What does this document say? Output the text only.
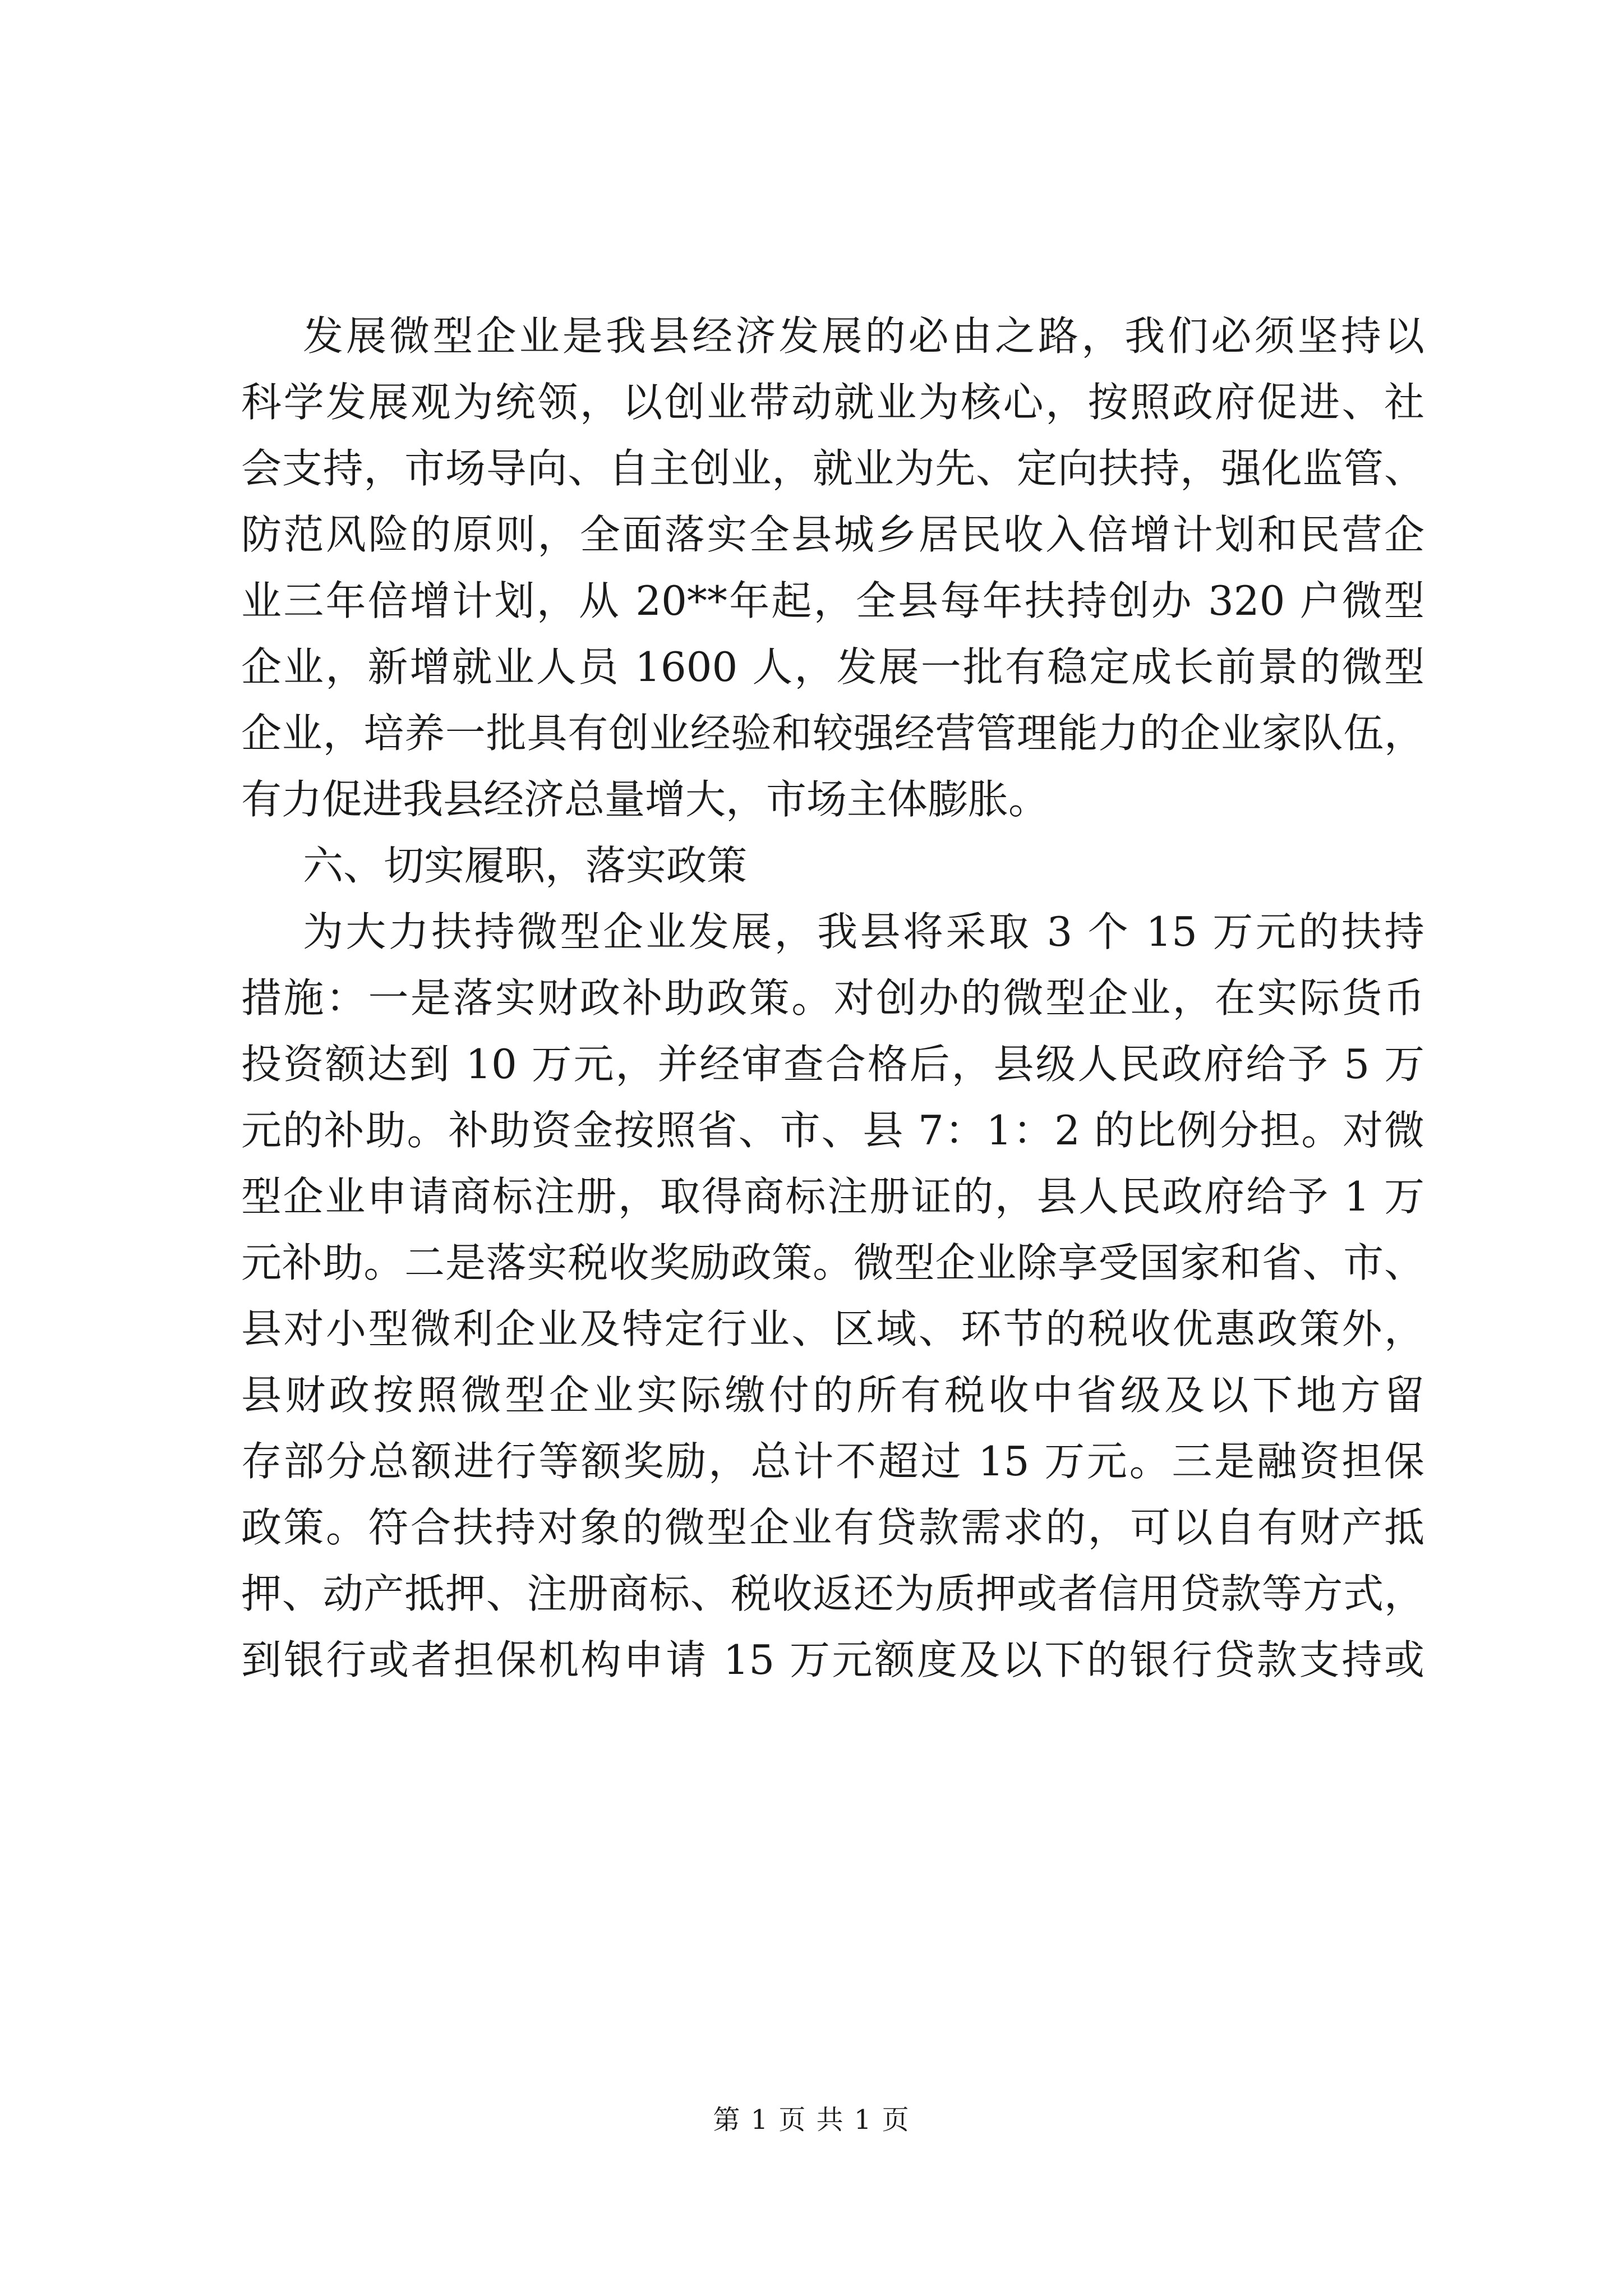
发展微型企业是我县经济发展的必由之路，我们必须坚持以
科学发展观为统领，以创业带动就业为核心，按照政府促进、社
会支持，市场导向、自主创业，就业为先、定向扶持，强化监管、
防范风险的原则，全面落实全县城乡居民收入倍增计划和民营企
业三年倍增计划，从 20**年起，全县每年扶持创办 320 户微型
企业，新增就业人员 1600 人，发展一批有稳定成长前景的微型
企业，培养一批具有创业经验和较强经营管理能力的企业家队伍，
有力促进我县经济总量增大，市场主体膨胀。
六、切实履职，落实政策
为大力扶持微型企业发展，我县将采取 3 个 15 万元的扶持
措施：一是落实财政补助政策。对创办的微型企业，在实际货币
投资额达到 10 万元，并经审查合格后，县级人民政府给予 5 万
元的补助。补助资金按照省、市、县 7：1：2 的比例分担。对微
型企业申请商标注册，取得商标注册证的，县人民政府给予 1 万
元补助。二是落实税收奖励政策。微型企业除享受国家和省、市、
县对小型微利企业及特定行业、区域、环节的税收优惠政策外，
县财政按照微型企业实际缴付的所有税收中省级及以下地方留
存部分总额进行等额奖励，总计不超过 15 万元。三是融资担保
政策。符合扶持对象的微型企业有贷款需求的，可以自有财产抵
押、动产抵押、注册商标、税收返还为质押或者信用贷款等方式，
到银行或者担保机构申请 15 万元额度及以下的银行贷款支持或
第 1 页 共 1 页
